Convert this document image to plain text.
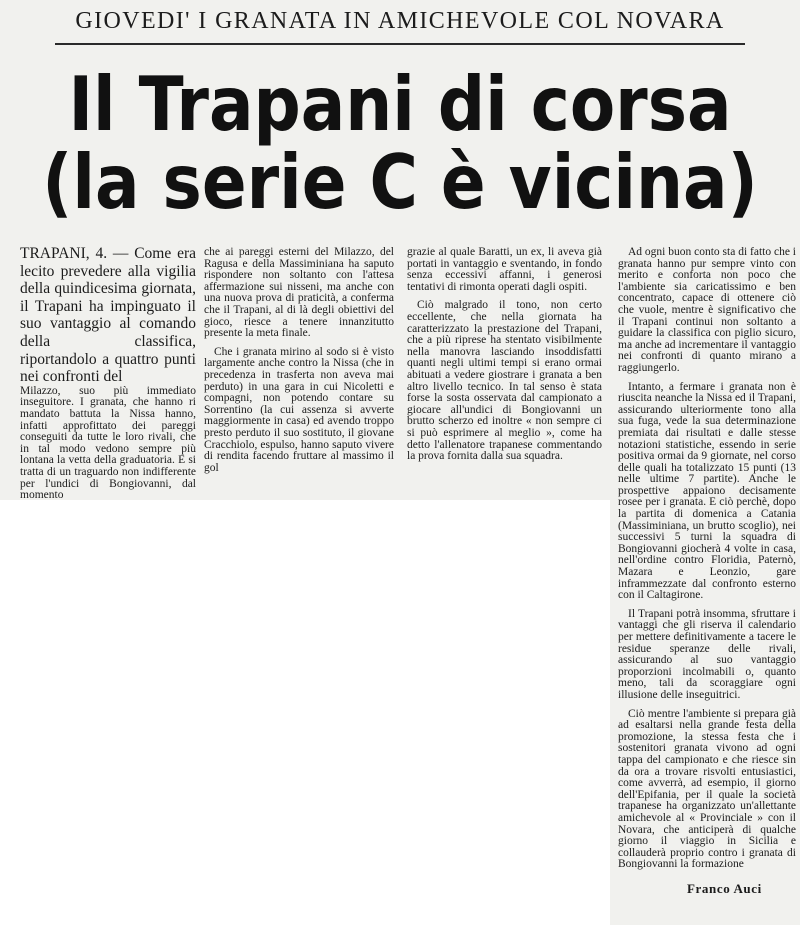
GIOVEDI' I GRANATA IN AMICHEVOLE COL NOVARA
Il Trapani di corsa
(la serie C è vicina)

TRAPANI, 4. — Come era lecito prevedere alla vigilia della quindicesima giornata, il Trapani ha impinguato il suo vantaggio al comando della classifica, riportandolo a quattro punti nei confronti del

Milazzo, suo più immediato inseguitore. I granata, che hanno ri mandato battuta la Nissa hanno, infatti approfittato dei pareggi conseguiti da tutte le loro rivali, che in tal modo vedono sempre più lontana la vetta della graduatoria. E si tratta di un traguardo non indifferente per l'undici di Bongiovanni, dal momento

che ai pareggi esterni del Milazzo, del Ragusa e della Massiminiana ha saputo rispondere non soltanto con l'attesa affermazione sui nisseni, ma anche con una nuova prova di praticità, a conferma che il Trapani, al di là degli obiettivi del gioco, riesce a tenere innanzitutto presente la meta finale.

Che i granata mirino al sodo si è visto largamente anche contro la Nissa (che in precedenza in trasferta non aveva mai perduto) in una gara in cui Nicoletti e compagni, non potendo contare su Sorrentino (la cui assenza si avverte maggiormente in casa) ed avendo troppo presto perduto il suo sostituto, il giovane Cracchiolo, espulso, hanno saputo vivere di rendita facendo fruttare al massimo il gol

grazie al quale Baratti, un ex, li aveva già portati in vantaggio e sventando, in fondo senza eccessivi affanni, i generosi tentativi di rimonta operati dagli ospiti.

Ciò malgrado il tono, non certo eccellente, che nella giornata ha caratterizzato la prestazione del Trapani, che a più riprese ha stentato visibilmente nella manovra lasciando insoddisfatti quanti negli ultimi tempi si erano ormai abituati a vedere giostrare i granata a ben altro livello tecnico. In tal senso è stata forse la sosta osservata dal campionato a giocare all'undici di Bongiovanni un brutto scherzo ed inoltre « non sempre ci si può esprimere al meglio », come ha detto l'allenatore trapanese commentando la prova fornita dalla sua squadra.

Ad ogni buon conto sta di fatto che i granata hanno pur sempre vinto con merito e conforta non poco che l'ambiente sia caricatissimo e ben concentrato, capace di ottenere ciò che vuole, mentre è significativo che il Trapani continui non soltanto a guidare la classifica con piglio sicuro, ma anche ad incrementare il vantaggio nei confronti di quanto mirano a raggiungerlo.

Intanto, a fermare i granata non è riuscita neanche la Nissa ed il Trapani, assicurando ulteriormente tono alla sua fuga, vede la sua determinazione premiata dai risultati e dalle stesse notazioni statistiche, essendo in serie positiva ormai da 9 giornate, nel corso delle quali ha totalizzato 15 punti (13 nelle ultime 7 partite). Anche le prospettive appaiono decisamente rosee per i granata. E ciò perchè, dopo la partita di domenica a Catania (Massiminiana, un brutto scoglio), nei successivi 5 turni la squadra di Bongiovanni giocherà 4 volte in casa, nell'ordine contro Floridia, Paternò, Mazara e Leonzio, gare inframmezzate dal confronto esterno con il Caltagirone.

Il Trapani potrà insomma, sfruttare i vantaggi che gli riserva il calendario per mettere definitivamente a tacere le residue speranze delle rivali, assicurando al suo vantaggio proporzioni incolmabili o, quanto meno, tali da scoraggiare ogni illusione delle inseguitrici.

Ciò mentre l'ambiente si prepara già ad esaltarsi nella grande festa della promozione, la stessa festa che i sostenitori granata vivono ad ogni tappa del campionato e che riesce sin da ora a trovare risvolti entusiastici, come avverrà, ad esempio, il giorno dell'Epifania, per il quale la società trapanese ha organizzato un'allettante amichevole al « Provinciale » con il Novara, che anticiperà di qualche giorno il viaggio in Sicilia e collauderà proprio contro i granata di Bongiovanni la formazione

Franco Auci
